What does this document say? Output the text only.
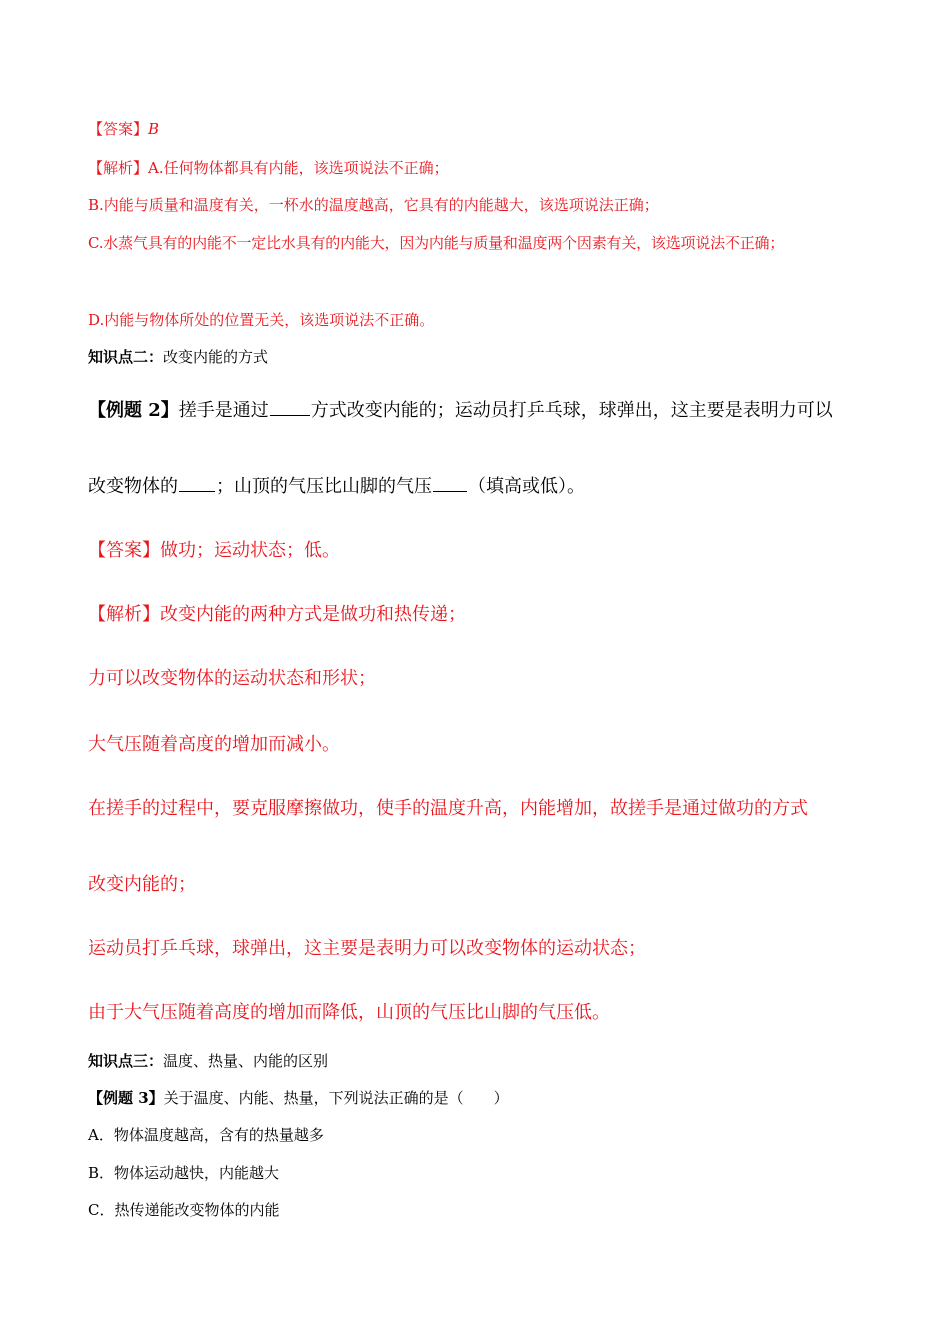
【答案】B
【解析】A.任何物体都具有内能，该选项说法不正确；
B.内能与质量和温度有关，一杯水的温度越高，它具有的内能越大，该选项说法正确；
C.水蒸气具有的内能不一定比水具有的内能大，因为内能与质量和温度两个因素有关，该选项说法不正确；
D.内能与物体所处的位置无关，该选项说法不正确。
知识点二：改变内能的方式
【例题 2】搓手是通过 方式改变内能的；运动员打乒乓球，球弹出，这主要是表明力可以
改变物体的 ；山顶的气压比山脚的气压 （填高或低）。
【答案】做功；运动状态；低。
【解析】改变内能的两种方式是做功和热传递；
力可以改变物体的运动状态和形状；
大气压随着高度的增加而减小。
在搓手的过程中，要克服摩擦做功，使手的温度升高，内能增加，故搓手是通过做功的方式
改变内能的；
运动员打乒乓球，球弹出，这主要是表明力可以改变物体的运动状态；
由于大气压随着高度的增加而降低，山顶的气压比山脚的气压低。
知识点三：温度、热量、内能的区别
【例题 3】关于温度、内能、热量，下列说法正确的是（　　）
A．物体温度越高，含有的热量越多
B．物体运动越快，内能越大
C．热传递能改变物体的内能
